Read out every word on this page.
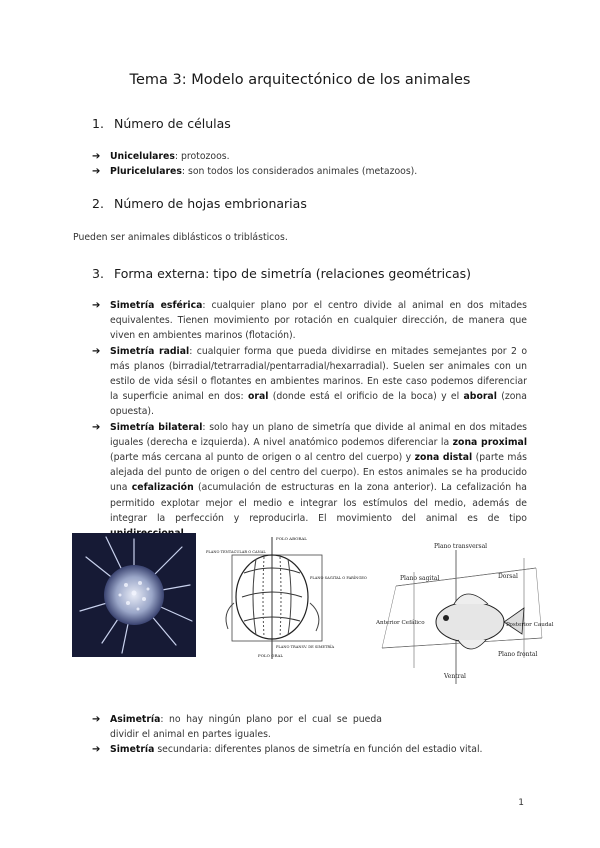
Tema 3: Modelo arquitectónico de los animales
1. Número de células
➔ Unicelulares: protozoos.
➔ Pluricelulares: son todos los considerados animales (metazoos).
2. Número de hojas embrionarias
Pueden ser animales diblásticos o triblásticos.
3. Forma externa: tipo de simetría (relaciones geométricas)
➔ Simetría esférica: cualquier plano por el centro divide al animal en dos mitades equivalentes. Tienen movimiento por rotación en cualquier dirección, de manera que viven en ambientes marinos (flotación).
➔ Simetría radial: cualquier forma que pueda dividirse en mitades semejantes por 2 o más planos (birradial/tetrarradial/pentarradial/hexarradial). Suelen ser animales con un estilo de vida sésil o flotantes en ambientes marinos. En este caso podemos diferenciar la superficie animal en dos: oral (donde está el orificio de la boca) y el aboral (zona opuesta).
➔ Simetría bilateral: solo hay un plano de simetría que divide al animal en dos mitades iguales (derecha e izquierda). A nivel anatómico podemos diferenciar la zona proximal (parte más cercana al punto de origen o al centro del cuerpo) y zona distal (parte más alejada del punto de origen o del centro del cuerpo). En estos animales se ha producido una cefalización (acumulación de estructuras en la zona anterior). La cefalización ha permitido explotar mejor el medio e integrar los estímulos del medio, además de integrar la perfección y reproducirla. El movimiento del animal es de tipo
POLO ABORAL
PLANO TENTACULAR O CANAL
PLANO SAGITAL O FARÍNGEO
PLANO TRANSV. DE SIMETRÍA
POLO ORAL
Plano transversal
Plano sagital	Dorsal
Anterior Cefálico	Posterior Caudal
Plano frontal
Ventral
➔ Asimetría: no hay ningún plano por el cual se pueda dividir el animal en partes iguales.
➔ Simetría secundaria: diferentes planos de simetría en función del estadio vital.
1
